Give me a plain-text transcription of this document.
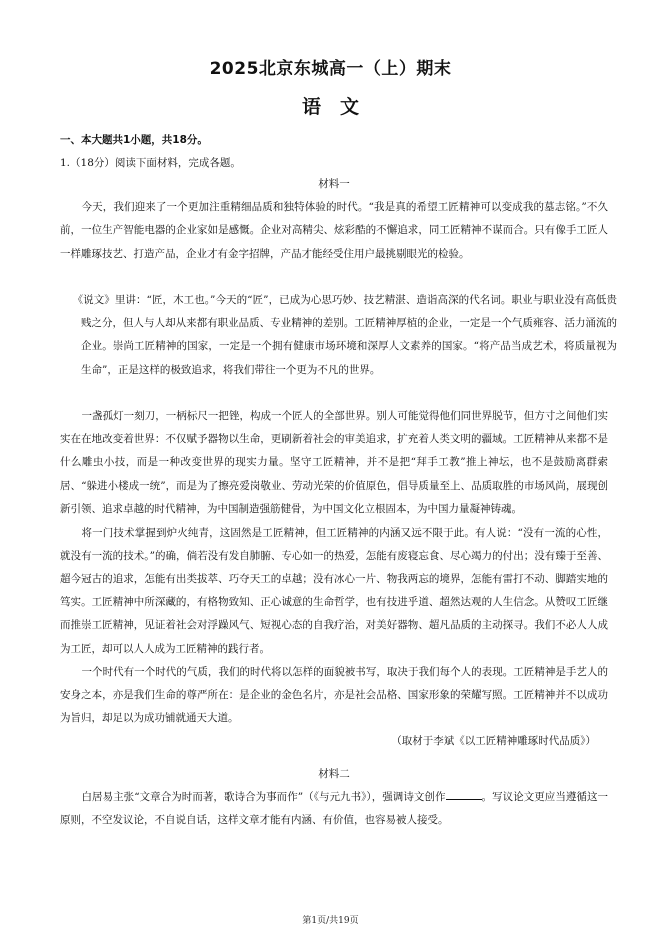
2025北京东城高一（上）期末
语　文
一、本大题共1小题，共18分。
1.（18分）阅读下面材料，完成各题。

材料一

今天，我们迎来了一个更加注重精细品质和独特体验的时代。“我是真的希望工匠精神可以变成我的墓志铭。”不久前，一位生产智能电器的企业家如是感慨。企业对高精尖、炫彩酷的不懈追求，同工匠精神不谋而合。只有像手工匠人一样雕琢技艺、打造产品，企业才有金字招牌，产品才能经受住用户最挑剔眼光的检验。

《说文》里讲：“匠，木工也。”今天的“匠”，已成为心思巧妙、技艺精湛、造诣高深的代名词。职业与职业没有高低贵贱之分，但人与人却从来都有职业品质、专业精神的差别。工匠精神厚植的企业，一定是一个气质雍容、活力涌流的企业。崇尚工匠精神的国家，一定是一个拥有健康市场环境和深厚人文素养的国家。“将产品当成艺术，将质量视为生命”，正是这样的极致追求，将我们带往一个更为不凡的世界。

一盏孤灯一刻刀，一柄标尺一把锉，构成一个匠人的全部世界。别人可能觉得他们同世界脱节，但方寸之间他们实实在在地改变着世界：不仅赋予器物以生命，更刷新着社会的审美追求，扩充着人类文明的疆域。工匠精神从来都不是什么雕虫小技，而是一种改变世界的现实力量。坚守工匠精神，并不是把“拜手工教”推上神坛，也不是鼓励离群索居、“躲进小楼成一统”，而是为了擦亮爱岗敬业、劳动光荣的价值原色，倡导质量至上、品质取胜的市场风尚，展现创新引领、追求卓越的时代精神，为中国制造强筋健骨，为中国文化立根固本，为中国力量凝神铸魂。

将一门技术掌握到炉火纯青，这固然是工匠精神，但工匠精神的内涵又远不限于此。有人说：“没有一流的心性，就没有一流的技术。”的确，倘若没有发自肺腑、专心如一的热爱，怎能有废寝忘食、尽心竭力的付出；没有臻于至善、超今冠古的追求，怎能有出类拔萃、巧夺天工的卓越；没有冰心一片、物我两忘的境界，怎能有雷打不动、脚踏实地的笃实。工匠精神中所深藏的，有格物致知、正心诚意的生命哲学，也有技进乎道、超然达观的人生信念。从赞叹工匠继而推崇工匠精神，见证着社会对浮躁风气、短视心态的自我疗治，对美好器物、超凡品质的主动探寻。我们不必人人成为工匠，却可以人人成为工匠精神的践行者。

一个时代有一个时代的气质，我们的时代将以怎样的面貌被书写，取决于我们每个人的表现。工匠精神是手艺人的安身之本，亦是我们生命的尊严所在：是企业的金色名片，亦是社会品格、国家形象的荣耀写照。工匠精神并不以成功为旨归，却足以为成功铺就通天大道。

（取材于李斌《以工匠精神雕琢时代品质》）

材料二

白居易主张“文章合为时而著，歌诗合为事而作”（《与元九书》），强调诗文创作	。写议论文更应当遵循这一原则，不空发议论，不自说自话，这样文章才能有内涵、有价值，也容易被人接受。

第1页/共19页
